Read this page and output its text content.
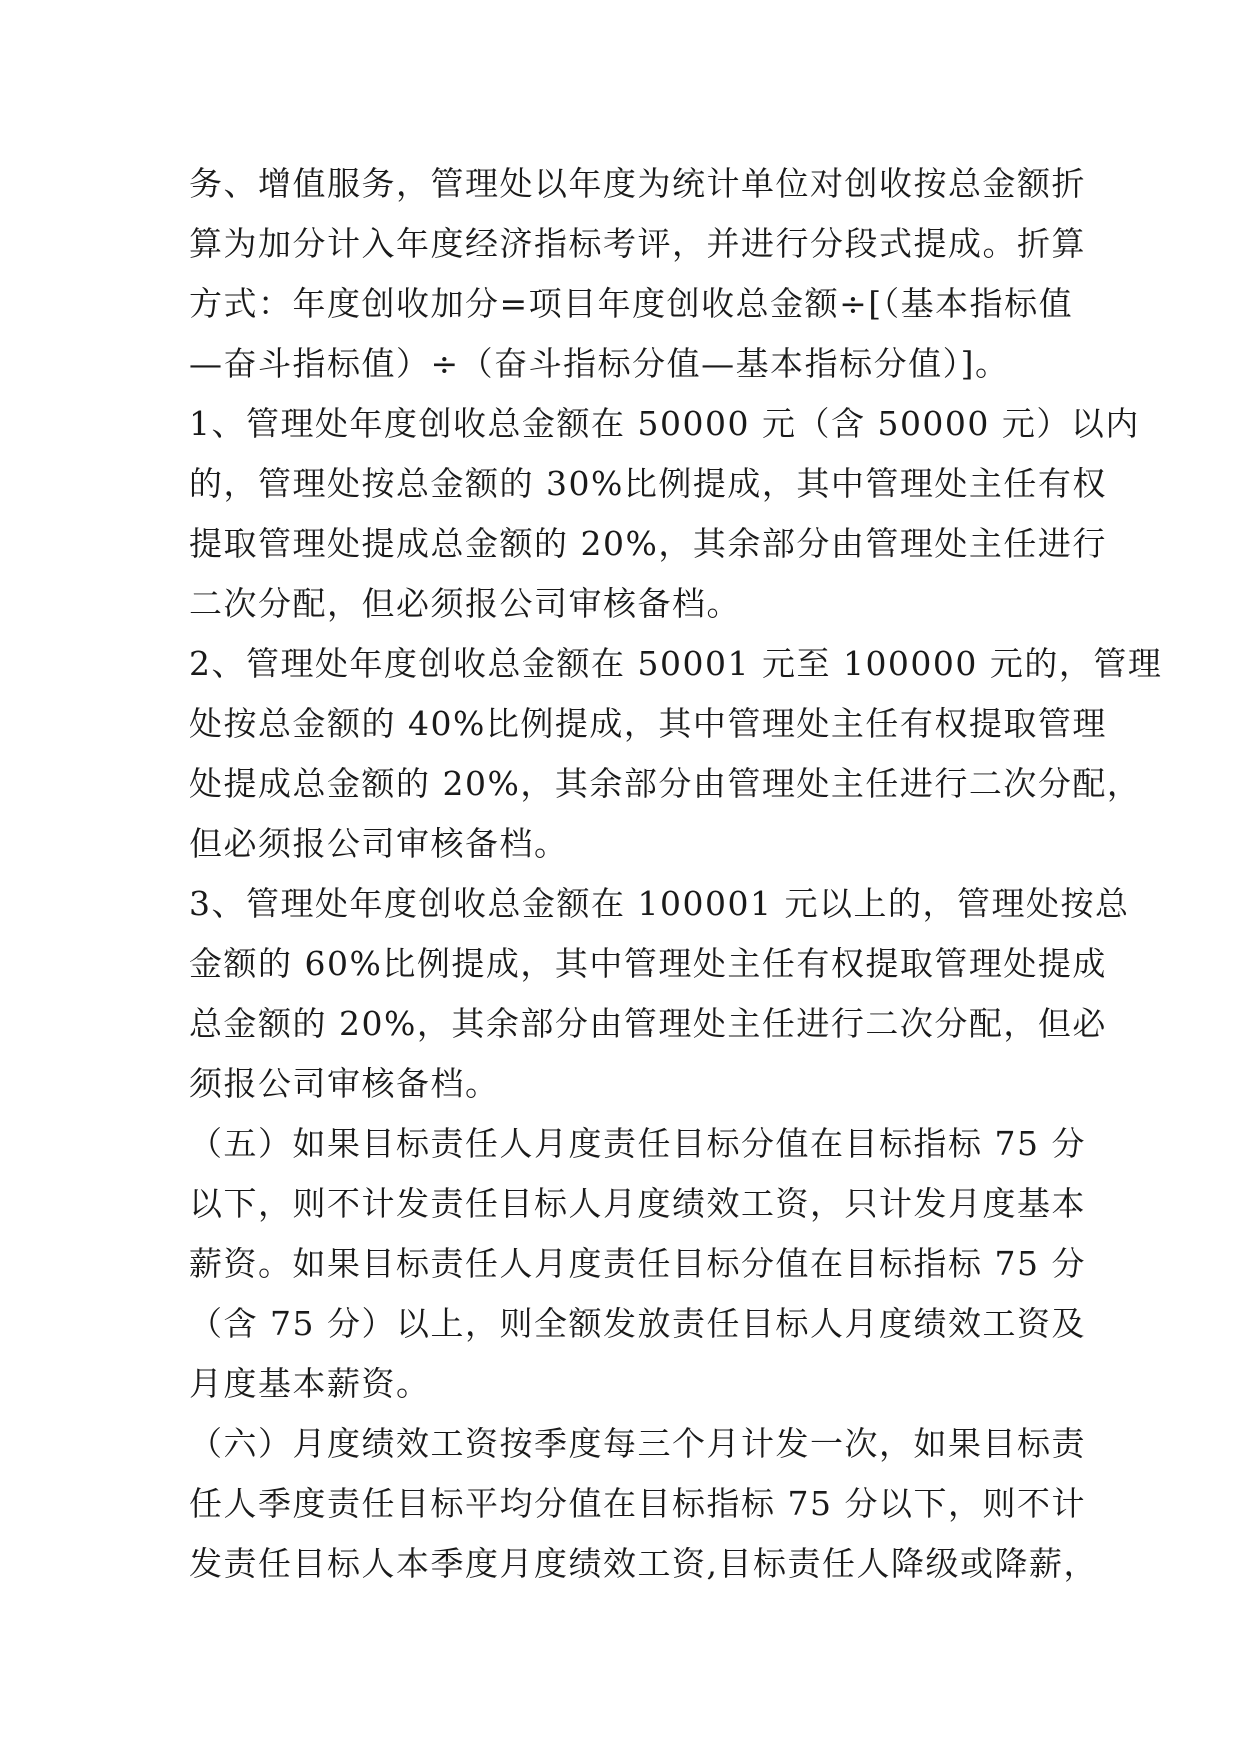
务、增值服务，管理处以年度为统计单位对创收按总金额折
算为加分计入年度经济指标考评，并进行分段式提成。折算
方式：年度创收加分=项目年度创收总金额÷[（基本指标值
—奋斗指标值）÷（奋斗指标分值—基本指标分值）]。
1、管理处年度创收总金额在 50000 元（含 50000 元）以内
的，管理处按总金额的 30%比例提成，其中管理处主任有权
提取管理处提成总金额的 20%，其余部分由管理处主任进行
二次分配，但必须报公司审核备档。
2、管理处年度创收总金额在 50001 元至 100000 元的，管理
处按总金额的 40%比例提成，其中管理处主任有权提取管理
处提成总金额的 20%，其余部分由管理处主任进行二次分配，
但必须报公司审核备档。
3、管理处年度创收总金额在 100001 元以上的，管理处按总
金额的 60%比例提成，其中管理处主任有权提取管理处提成
总金额的 20%，其余部分由管理处主任进行二次分配，但必
须报公司审核备档。
（五）如果目标责任人月度责任目标分值在目标指标 75 分
以下，则不计发责任目标人月度绩效工资，只计发月度基本
薪资。如果目标责任人月度责任目标分值在目标指标 75 分
（含 75 分）以上，则全额发放责任目标人月度绩效工资及
月度基本薪资。
（六）月度绩效工资按季度每三个月计发一次，如果目标责
任人季度责任目标平均分值在目标指标 75 分以下，则不计
发责任目标人本季度月度绩效工资,目标责任人降级或降薪，
